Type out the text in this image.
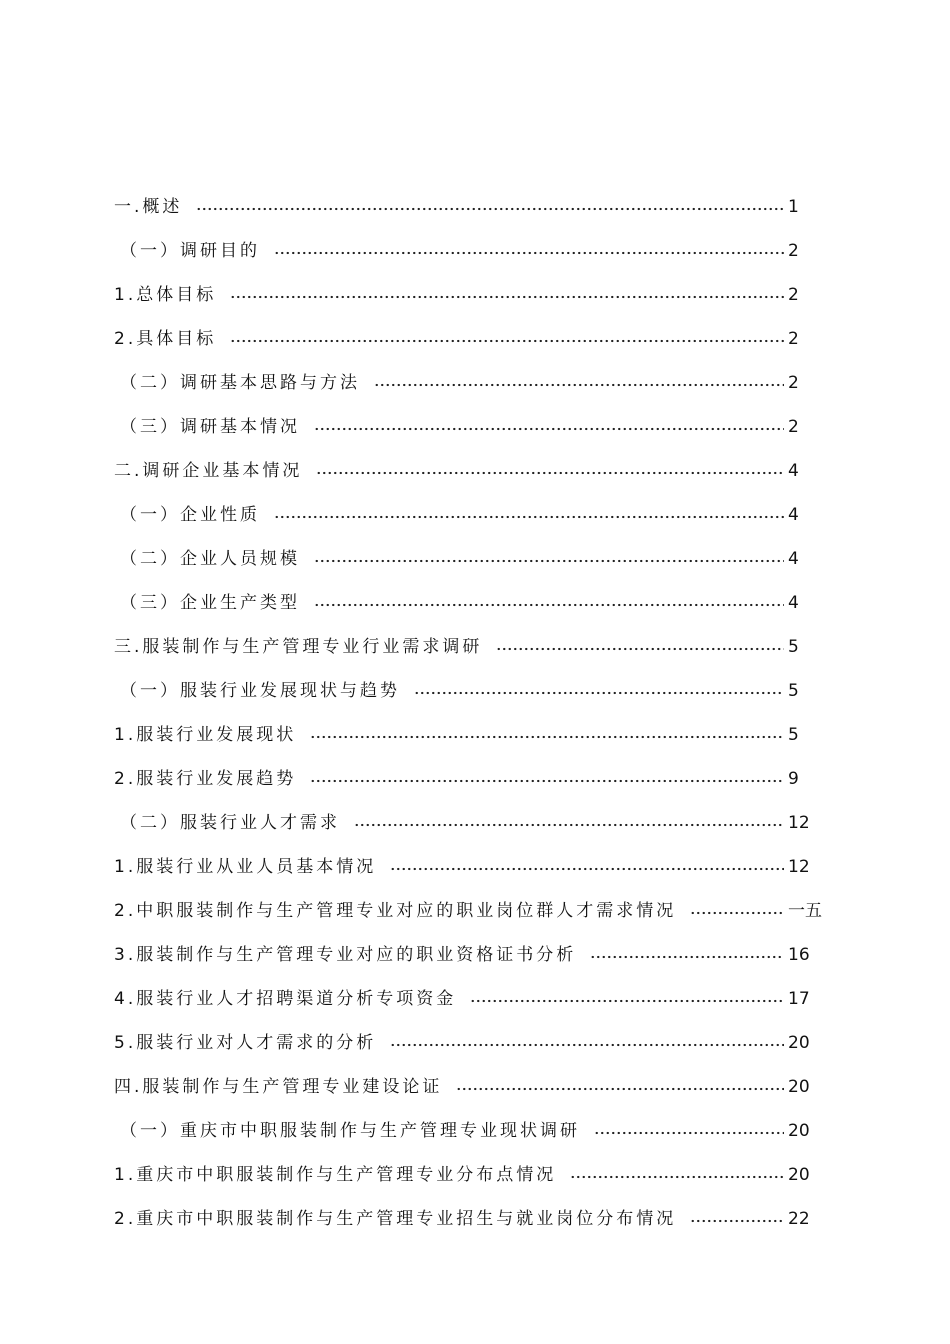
一.概述	1
（一）调研目的	2
1.总体目标	2
2.具体目标	2
（二）调研基本思路与方法	2
（三）调研基本情况	2
二.调研企业基本情况	4
（一）企业性质	4
（二）企业人员规模	4
（三）企业生产类型	4
三.服装制作与生产管理专业行业需求调研	5
（一）服装行业发展现状与趋势	5
1.服装行业发展现状	5
2.服装行业发展趋势	9
（二）服装行业人才需求	12
1.服装行业从业人员基本情况	12
2.中职服装制作与生产管理专业对应的职业岗位群人才需求情况	一五
3.服装制作与生产管理专业对应的职业资格证书分析	16
4.服装行业人才招聘渠道分析专项资金	17
5.服装行业对人才需求的分析	20
四.服装制作与生产管理专业建设论证	20
（一）重庆市中职服装制作与生产管理专业现状调研	20
1.重庆市中职服装制作与生产管理专业分布点情况	20
2.重庆市中职服装制作与生产管理专业招生与就业岗位分布情况	22
